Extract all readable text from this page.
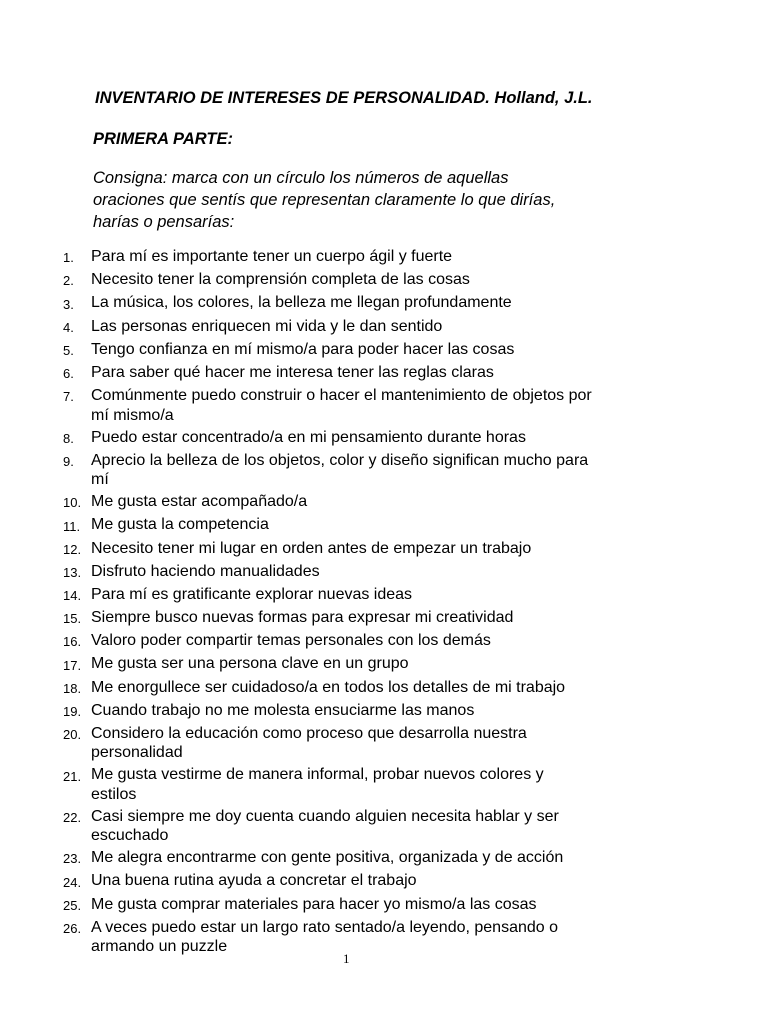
INVENTARIO DE INTERESES DE PERSONALIDAD. Holland, J.L.
PRIMERA PARTE:
Consigna: marca con un círculo los números de aquellas
oraciones que sentís que representan claramente lo que dirías,
harías o pensarías:
1.	Para mí es importante tener un cuerpo ágil y fuerte
2.	Necesito tener la comprensión completa de las cosas
3.	La música, los colores, la belleza me llegan profundamente
4.	Las personas enriquecen mi vida y le dan sentido
5.	Tengo confianza en mí mismo/a para poder hacer las cosas
6.	Para saber qué hacer me interesa tener las reglas claras
7.	Comúnmente puedo construir o hacer el mantenimiento de objetos por
mí mismo/a
8.	Puedo estar concentrado/a en mi pensamiento durante horas
9.	Aprecio la belleza de los objetos, color y diseño significan mucho para
mí
10. Me gusta estar acompañado/a
11. Me gusta la competencia
12. Necesito tener mi lugar en orden antes de empezar un trabajo
13. Disfruto haciendo manualidades
14. Para mí es gratificante explorar nuevas ideas
15. Siempre busco nuevas formas para expresar mi creatividad
16. Valoro poder compartir temas personales con los demás
17. Me gusta ser una persona clave en un grupo
18. Me enorgullece ser cuidadoso/a en todos los detalles de mi trabajo
19. Cuando trabajo no me molesta ensuciarme las manos
20. Considero la educación como proceso que desarrolla nuestra
personalidad
21. Me gusta vestirme de manera informal, probar nuevos colores y
estilos
22. Casi siempre me doy cuenta cuando alguien necesita hablar y ser
escuchado
23. Me alegra encontrarme con gente positiva, organizada y de acción
24. Una buena rutina ayuda a concretar el trabajo
25. Me gusta comprar materiales para hacer yo mismo/a las cosas
26. A veces puedo estar un largo rato sentado/a leyendo, pensando o
armando un puzzle

1
